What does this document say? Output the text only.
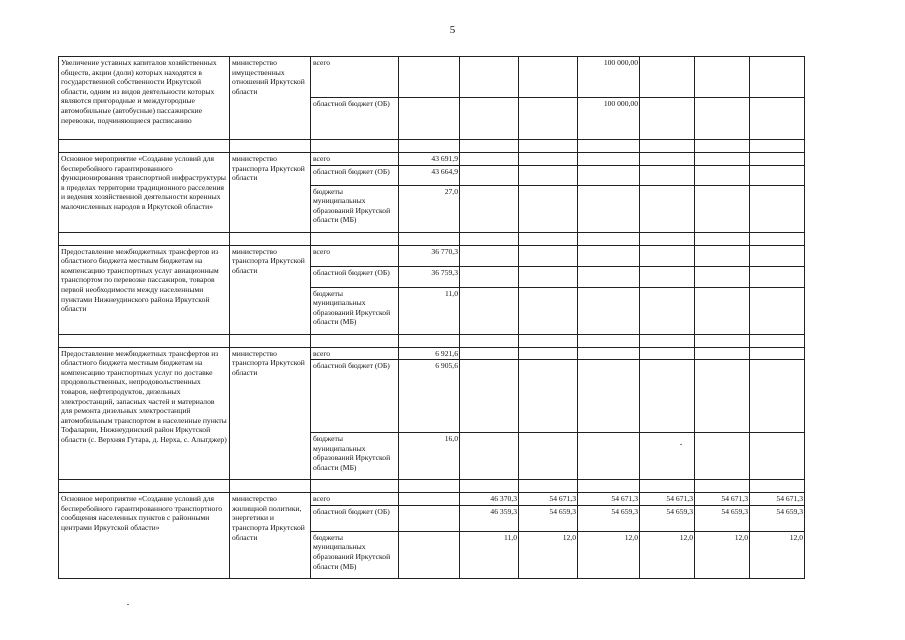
5
Увеличение уставных капиталов хозяйственных обществ, акции (доли) которых находятся в государственной собственности Иркутской области, одним из видов деятельности которых являются пригородные и междугородные автомобильные (автобусные) пассажирские перевозки, подчиняющиеся расписанию	министерство имущественных отношений Иркутской области	всего				100 000,00			
		областной бюджет (ОБ)				100 000,00			

Основное мероприятие «Создание условий для бесперебойного гарантированного функционирования транспортной инфраструктуры в пределах территории традиционного расселения и ведения хозяйственной деятельности коренных малочисленных народов в Иркутской области»	министерство транспорта Иркутской области	всего	43 691,9						
		областной бюджет (ОБ)	43 664,9						
		бюджеты муниципальных образований Иркутской области (МБ)	27,0						

Предоставление межбюджетных трансфертов из областного бюджета местным бюджетам на компенсацию транспортных услуг авиационным транспортом по перевозке пассажиров, товаров первой необходимости между населенными пунктами Нижнеудинского района Иркутской области	министерство транспорта Иркутской области	всего	36 770,3						
		областной бюджет (ОБ)	36 759,3						
		бюджеты муниципальных образований Иркутской области (МБ)	11,0						

Предоставление межбюджетных трансфертов из областного бюджета местным бюджетам на компенсацию транспортных услуг по доставке продовольственных, непродовольственных товаров, нефтепродуктов, дизельных электростанций, запасных частей и материалов для ремонта дизельных электростанций автомобильным транспортом в населенные пункты Тофаларии, Нижнеудинский район Иркутской области (с. Верхняя Гутара, д. Нерха, с. Алыгджер)	министерство транспорта Иркутской области	всего	6 921,6						
		областной бюджет (ОБ)	6 905,6						
		бюджеты муниципальных образований Иркутской области (МБ)	16,0						

Основное мероприятие «Создание условий для бесперебойного гарантированного транспортного сообщения населенных пунктов с районными центрами Иркутской области»	министерство жилищной политики, энергетики и транспорта Иркутской области	всего		46 370,3	54 671,3	54 671,3	54 671,3	54 671,3	54 671,3
		областной бюджет (ОБ)		46 359,3	54 659,3	54 659,3	54 659,3	54 659,3	54 659,3
		бюджеты муниципальных образований Иркутской области (МБ)		11,0	12,0	12,0	12,0	12,0	12,0
